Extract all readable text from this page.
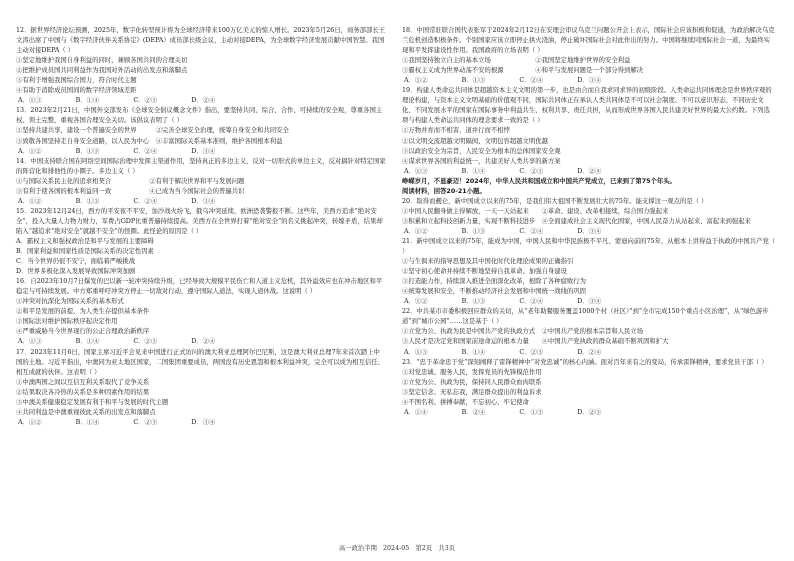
12．据世界经济论坛预测，2025年，数字化转型预计将为全球经济带来100万亿美元的惊人增长。2023年5月26日，商务部部长王文涛出席了中国与《数字经济伙伴关系协定》(DEPA）成员部长级会议，主动对接DEPA，为全球数字经济发展贡献中国智慧。我国主动对接DEPA（ ）
①坚定地维护我国自身利益的同时，兼顾各国共同的合理关切
②把维护成员国共同利益作为我国对外活动的出发点和落脚点
③有利于增强我国综合国力，符合时代主题
④有助于消除成员国间的数字经济领域差距
A．①③	B．①④	C．②③	D．②④
13．2023年2月21日，中国外交部发布《全球安全倡议概念文件》指出，要坚持共同、综合、合作、可持续的安全观，尊重各国主权、领土完整，重视各国合理安全关切。该倡议表明了（ ）
①坚持共建共享，建设一个普遍安全的世界　　　②完善全球安全治理，统筹自身安全和共同安全
③致敬各国坚持走自身安全道路，以人民为中心　④丰富国际关系基本准则，维护各国根本利益
A．①②	B．①③	C．②④	D．③④
14．中国支持联合国在阿络空间国际治理中发挥主渠道作用，坚持真正的多边主义，反对一切形式的单边主义，反对搞针对特定国家的阵营化和排他性的小圈子。多边主义（ ）
①与国际关系民主化的追求相契合　　　　　　②有利于解决世界和平与发展问题
③有利于使各国的根本利益同一致　　　　　　④已成为当今国际社会的普遍共识
A．①②	B．①③	C．②④	D．③④
15．2023年12月24日，西方的平安夜不平安，加沙战火纷飞，俄乌冲突延续，欧洲恐袭警报不断。这些年，美西方追求“绝对安全”，投入大量人力物力财力，军费占GDP比重普遍持续提高。美西方在全世界打着“绝对安全”的名义挑起冲突，转嫁矛盾，结果却陷入“越追求“绝对安全”就越不安全”的怪圈。此怪论的原因是（ ）
A．霸权主义和强权政治是和平与发展的主要障碍
B．国家利益和国家性质是国际关系的决定性因素
C．当今世界仍很不安宁，面临着严峻挑战
D．世界多极化深入发展导致国际冲突加剧
16．自2023年10月7日爆发的巴以新一轮冲突持续升级，已经导致大规模平民伤亡和人道主义危机，其外溢效应也在冲击地区和平稳定与可持续发展。中方郑重呼吁冲突方停止一切敌对行动，遵守国际人道法，实现人道休战。这说明（ ）
①冲突对抗深化为国际关系的基本形式
②和平是发展的前提，为人类生存提供基本条件
③国际法对维护国际秩序起决定作用
④严重威胁当今世界现行的公正合理政治新秩序
A．①③	B．①④	C．②③	D．②④
17．2023年11月6日，国家主席习近平会见来中国进行正式访问的澳大利亚总理阿尔巴尼斯，这是澳大利亚总理7年来首次踏上中国的土地。习近平指出，中澳同为亚太地区国家，二国集团重要成员，两国没有历史恩怨和根本利益冲突，完全可以成为相互信任、相互成就的伙伴。这表明（ ）
①中澳两国之间以互信互利关系取代了竞争关系
②结果取决各冷热的关系是多种因素作用的结果
③中澳关系健康稳定发展有利于和平与发展的时代主题
④共同利益是中澳重视彼此关系的出发点和落脚点
A．①②	B．①④	C．②③	D．③④
18．中国常驻联合国代表张军于2024年2月12日在安理会审议乌克兰问题公开会上表示，国际社会应该积极和促通，为政治解决乌克兰危机创造积极条件。个别国家应该立即停止拱火浇油，停止破坏国际社会对此作出的努力。中国将继续同国际社会一道，为最终实现和平发挥建设性作用。我国政府的立场表明（ ）
①我国坚持独立自主的基本立场　　　　　　　②我国坚定地维护世界的安全利益
③霸权主义成为世界动荡不安的根源　　　　　④和平与发展问题是一个部分得到解决
A．①②	B．①③	C．②④	D．③④
19．构建人类命运共同体是超越资本主义文明的第一步，也是由合而自我求同求异的初级阶段。人类命运共同体理念是世界秩序观的理论构建，与资本主义文明基础的价值观不同，国际共同体正在承认人类共同体是不可以社会制度、不可以意识形态、不同历史文化、不同发展水平的国家在国际事务中利益共生、权利共享、责任共担，从而形成世界各国人民共建美好世界的最大公约数。下列选项与构建人类命运共同体的理念要求一致的是（ ）
①万物并育而不相害，道并行而不相悖
②以文明交流超越文明隔阂、文明包容超越文明优越
③以政治安全为宗旨，人民安全为根本的总体国家安全观
④谋求世界各国的利益统一，共建美好人类共享的新方案
A．①③	B．①④	C．②③	D．②④
峥嵘岁月，不显豪迈！2024年，中华人民共和国成立和中国共产党成立，已来到了第75个年头。
阅读材料，回答20-21小题。
20．取得而靓仑，新中国成立以来的75年，是我们伟大祖国不断发展壮大的75年。能支撑这一观点的是（ ）
①中国人民翻身做主得解放，一天一天站起来　　②革命、建设、改革相接续，综合国力强起来
③积累和立起科技创新力量，实现不断科技进步　④全面建成社会主义现代化国家，中国人民奋力从站起来、富起来到强起来
A．①②	B．①③	C．②④	D．③④
21．新中国成立以来的75年，能成为中国，中国人民和中华民族极不平凡、蒙迪向前的75年，从根本上讲得益于执政的中国共产党（ ）
①与生俱来的指导思想及其中国化时代化理论成果的正确指引
②坚守初心使命并持续不断地坚持自我革命、加强自身建设
③打造能力作，持续深入推进全面深化改革，根除了各种腐败行为
④统筹发展和安全，不断推动经济社会发展和中国统一战线的巩固
A．①②	B．①③	C．②④	D．③④
22．中共某市市委积极回应群众的关切，从“老年助餐服务覆盖1000个村（社区）”到“全市完成150个重点小区治理”，从“绿色游步道”到“城市公园”……这是基于（ ）
①立党为公、执政为民是中国共产党的执政方式　②中国共产党的根本宗旨和人民立场
③人民才是决定党和国家前途命运的根本力量　　④中国共产党执政的群众基础不断巩固和扩大
A．①③	B．①④	C．②③	D．②④
23．“忠于革命忠于党”深刻阐释了雷锋精神中“对党忠诚”的核心内涵。面对百年来有之的变局，传承雷锋精神，要求党员干部（ ）
①对党忠诚、服务人民，发挥党员的先锋模范作用
②立党为公、执政为民，保持同人民群众血肉联系
③坚定信念、无私忘我，满足群众提出的利益诉求
④不图名利、拼搏奉献，不忘初心、牢记使命
A．①④	B．②④	C．①③	D．②③
高一政治半期　2024-05　第2页　共3页
